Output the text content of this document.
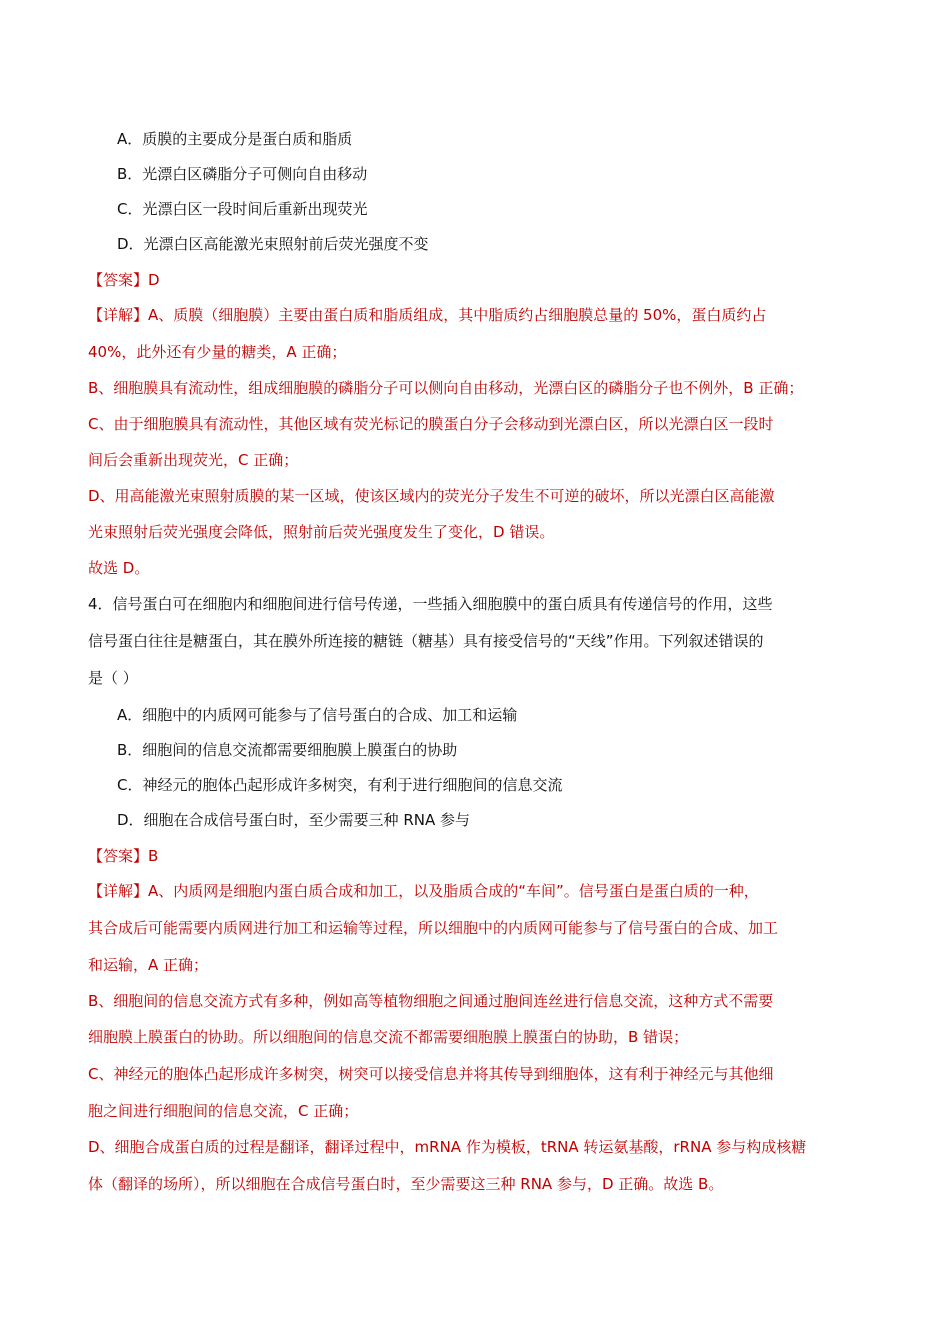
A．质膜的主要成分是蛋白质和脂质
B．光漂白区磷脂分子可侧向自由移动
C．光漂白区一段时间后重新出现荧光
D．光漂白区高能激光束照射前后荧光强度不变
【答案】D
【详解】A、质膜（细胞膜）主要由蛋白质和脂质组成，其中脂质约占细胞膜总量的 50%，蛋白质约占
40%，此外还有少量的糖类，A 正确；
B、细胞膜具有流动性，组成细胞膜的磷脂分子可以侧向自由移动，光漂白区的磷脂分子也不例外，B 正确；
C、由于细胞膜具有流动性，其他区域有荧光标记的膜蛋白分子会移动到光漂白区，所以光漂白区一段时
间后会重新出现荧光，C 正确；
D、用高能激光束照射质膜的某一区域，使该区域内的荧光分子发生不可逆的破坏，所以光漂白区高能激
光束照射后荧光强度会降低，照射前后荧光强度发生了变化，D 错误。
故选 D。
4．信号蛋白可在细胞内和细胞间进行信号传递，一些插入细胞膜中的蛋白质具有传递信号的作用，这些
信号蛋白往往是糖蛋白，其在膜外所连接的糖链（糖基）具有接受信号的“天线”作用。下列叙述错误的
是（ ）
A．细胞中的内质网可能参与了信号蛋白的合成、加工和运输
B．细胞间的信息交流都需要细胞膜上膜蛋白的协助
C．神经元的胞体凸起形成许多树突，有利于进行细胞间的信息交流
D．细胞在合成信号蛋白时，至少需要三种 RNA 参与
【答案】B
【详解】A、内质网是细胞内蛋白质合成和加工，以及脂质合成的“车间”。信号蛋白是蛋白质的一种，
其合成后可能需要内质网进行加工和运输等过程，所以细胞中的内质网可能参与了信号蛋白的合成、加工
和运输，A 正确；
B、细胞间的信息交流方式有多种，例如高等植物细胞之间通过胞间连丝进行信息交流，这种方式不需要
细胞膜上膜蛋白的协助。所以细胞间的信息交流不都需要细胞膜上膜蛋白的协助，B 错误；
C、神经元的胞体凸起形成许多树突，树突可以接受信息并将其传导到细胞体，这有利于神经元与其他细
胞之间进行细胞间的信息交流，C 正确；
D、细胞合成蛋白质的过程是翻译，翻译过程中，mRNA 作为模板，tRNA 转运氨基酸，rRNA 参与构成核糖
体（翻译的场所），所以细胞在合成信号蛋白时，至少需要这三种 RNA 参与，D 正确。故选 B。
